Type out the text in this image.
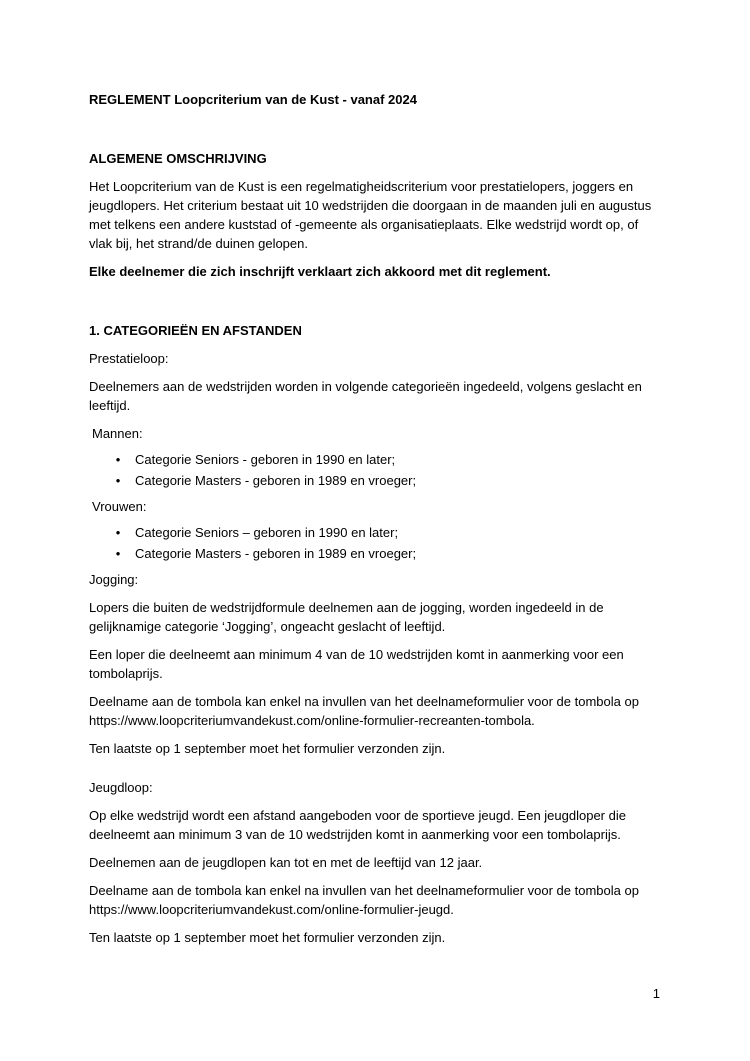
REGLEMENT Loopcriterium van de Kust - vanaf 2024

ALGEMENE OMSCHRIJVING

Het Loopcriterium van de Kust is een regelmatigheidscriterium voor prestatielopers, joggers en jeugdlopers. Het criterium bestaat uit 10 wedstrijden die doorgaan in de maanden juli en augustus met telkens een andere kuststad of -gemeente als organisatieplaats. Elke wedstrijd wordt op, of vlak bij, het strand/de duinen gelopen.

Elke deelnemer die zich inschrijft verklaart zich akkoord met dit reglement.

1. CATEGORIEËN EN AFSTANDEN

Prestatieloop:

Deelnemers aan de wedstrijden worden in volgende categorieën ingedeeld, volgens geslacht en leeftijd.

Mannen:

• Categorie Seniors - geboren in 1990 en later;
• Categorie Masters - geboren in 1989 en vroeger;

Vrouwen:

• Categorie Seniors – geboren in 1990 en later;
• Categorie Masters - geboren in 1989 en vroeger;

Jogging:

Lopers die buiten de wedstrijdformule deelnemen aan de jogging, worden ingedeeld in de gelijknamige categorie ‘Jogging’, ongeacht geslacht of leeftijd.

Een loper die deelneemt aan minimum 4 van de 10 wedstrijden komt in aanmerking voor een tombolaprijs.

Deelname aan de tombola kan enkel na invullen van het deelnameformulier voor de tombola op https://www.loopcriteriumvandekust.com/online-formulier-recreanten-tombola.

Ten laatste op 1 september moet het formulier verzonden zijn.

Jeugdloop:

Op elke wedstrijd wordt een afstand aangeboden voor de sportieve jeugd. Een jeugdloper die deelneemt aan minimum 3 van de 10 wedstrijden komt in aanmerking voor een tombolaprijs.

Deelnemen aan de jeugdlopen kan tot en met de leeftijd van 12 jaar.

Deelname aan de tombola kan enkel na invullen van het deelnameformulier voor de tombola op https://www.loopcriteriumvandekust.com/online-formulier-jeugd.

Ten laatste op 1 september moet het formulier verzonden zijn.

1
